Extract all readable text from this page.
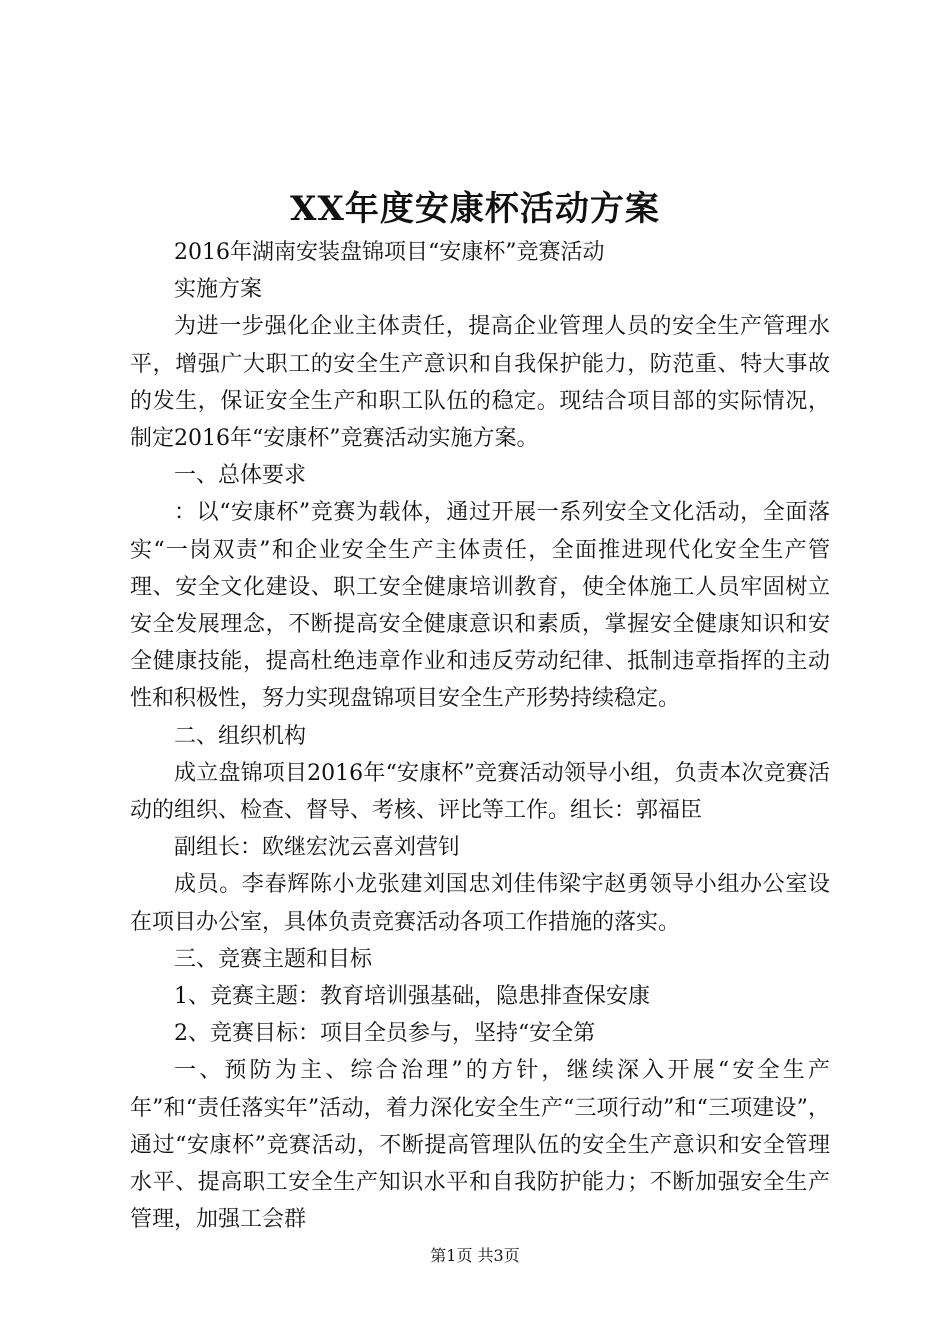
XX年度安康杯活动方案

2016年湖南安装盘锦项目“安康杯”竞赛活动

实施方案

为进一步强化企业主体责任，提高企业管理人员的安全生产管理水平，增强广大职工的安全生产意识和自我保护能力，防范重、特大事故的发生，保证安全生产和职工队伍的稳定。现结合项目部的实际情况，制定2016年“安康杯”竞赛活动实施方案。

一、总体要求

：以“安康杯”竞赛为载体，通过开展一系列安全文化活动，全面落实“一岗双责”和企业安全生产主体责任，全面推进现代化安全生产管理、安全文化建设、职工安全健康培训教育，使全体施工人员牢固树立安全发展理念，不断提高安全健康意识和素质，掌握安全健康知识和安全健康技能，提高杜绝违章作业和违反劳动纪律、抵制违章指挥的主动性和积极性，努力实现盘锦项目安全生产形势持续稳定。

二、组织机构

成立盘锦项目2016年“安康杯”竞赛活动领导小组，负责本次竞赛活动的组织、检查、督导、考核、评比等工作。组长：郭福臣

副组长：欧继宏沈云喜刘营钊

成员。李春辉陈小龙张建刘国忠刘佳伟梁宇赵勇领导小组办公室设在项目办公室，具体负责竞赛活动各项工作措施的落实。

三、竞赛主题和目标

1、竞赛主题：教育培训强基础，隐患排查保安康

2、竞赛目标：项目全员参与，坚持“安全第

一、预防为主、综合治理”的方针，继续深入开展“安全生产年”和“责任落实年”活动，着力深化安全生产“三项行动”和“三项建设”，通过“安康杯”竞赛活动，不断提高管理队伍的安全生产意识和安全管理水平、提高职工安全生产知识水平和自我防护能力；不断加强安全生产管理，加强工会群

第1页 共3页
